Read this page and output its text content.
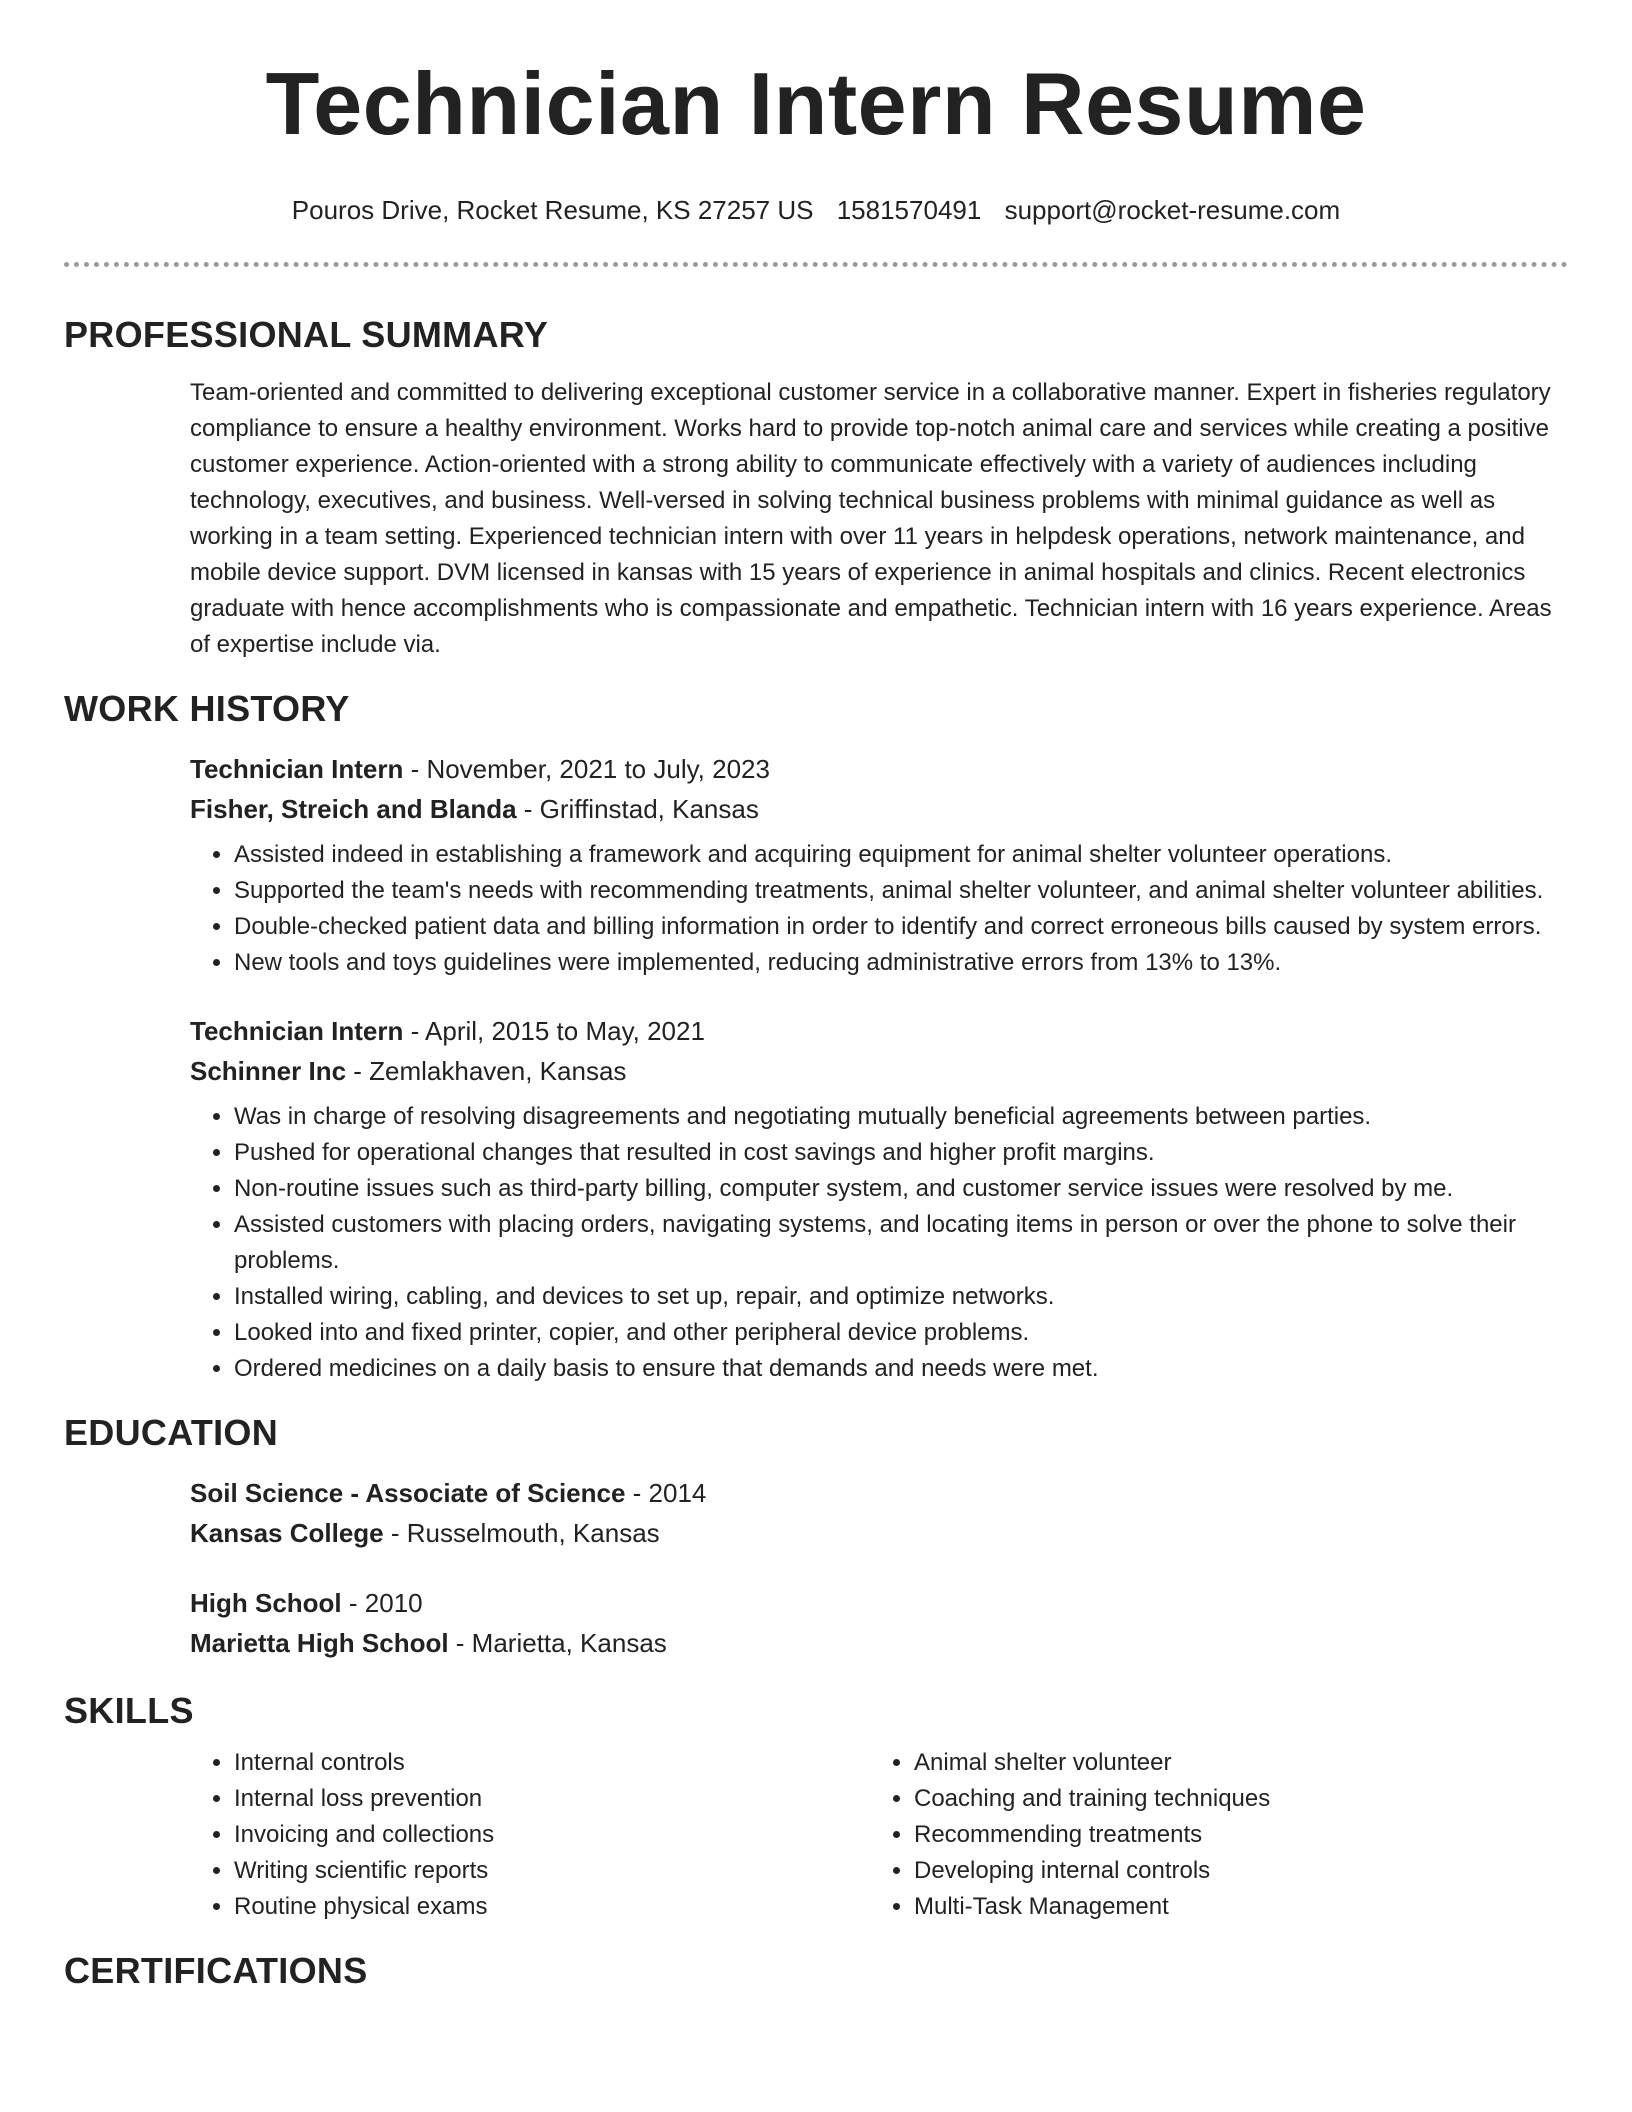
Technician Intern Resume
Pouros Drive, Rocket Resume, KS 27257 US 1581570491 support@rocket-resume.com
PROFESSIONAL SUMMARY

Team-oriented and committed to delivering exceptional customer service in a collaborative manner. Expert in fisheries regulatory compliance to ensure a healthy environment. Works hard to provide top-notch animal care and services while creating a positive customer experience. Action-oriented with a strong ability to communicate effectively with a variety of audiences including technology, executives, and business. Well-versed in solving technical business problems with minimal guidance as well as working in a team setting. Experienced technician intern with over 11 years in helpdesk operations, network maintenance, and mobile device support. DVM licensed in kansas with 15 years of experience in animal hospitals and clinics. Recent electronics graduate with hence accomplishments who is compassionate and empathetic. Technician intern with 16 years experience. Areas of expertise include via.

WORK HISTORY
Technician Intern - November, 2021 to July, 2023
Fisher, Streich and Blanda - Griffinstad, Kansas
• Assisted indeed in establishing a framework and acquiring equipment for animal shelter volunteer operations.
• Supported the team's needs with recommending treatments, animal shelter volunteer, and animal shelter volunteer abilities.
• Double-checked patient data and billing information in order to identify and correct erroneous bills caused by system errors.
• New tools and toys guidelines were implemented, reducing administrative errors from 13% to 13%.
Technician Intern - April, 2015 to May, 2021
Schinner Inc - Zemlakhaven, Kansas
• Was in charge of resolving disagreements and negotiating mutually beneficial agreements between parties.
• Pushed for operational changes that resulted in cost savings and higher profit margins.
• Non-routine issues such as third-party billing, computer system, and customer service issues were resolved by me.
• Assisted customers with placing orders, navigating systems, and locating items in person or over the phone to solve their problems.
• Installed wiring, cabling, and devices to set up, repair, and optimize networks.
• Looked into and fixed printer, copier, and other peripheral device problems.
• Ordered medicines on a daily basis to ensure that demands and needs were met.
EDUCATION
Soil Science - Associate of Science - 2014
Kansas College - Russelmouth, Kansas
High School - 2010
Marietta High School - Marietta, Kansas
SKILLS
• Internal controls
• Internal loss prevention
• Invoicing and collections
• Writing scientific reports
• Routine physical exams
• Animal shelter volunteer
• Coaching and training techniques
• Recommending treatments
• Developing internal controls
• Multi-Task Management
CERTIFICATIONS
